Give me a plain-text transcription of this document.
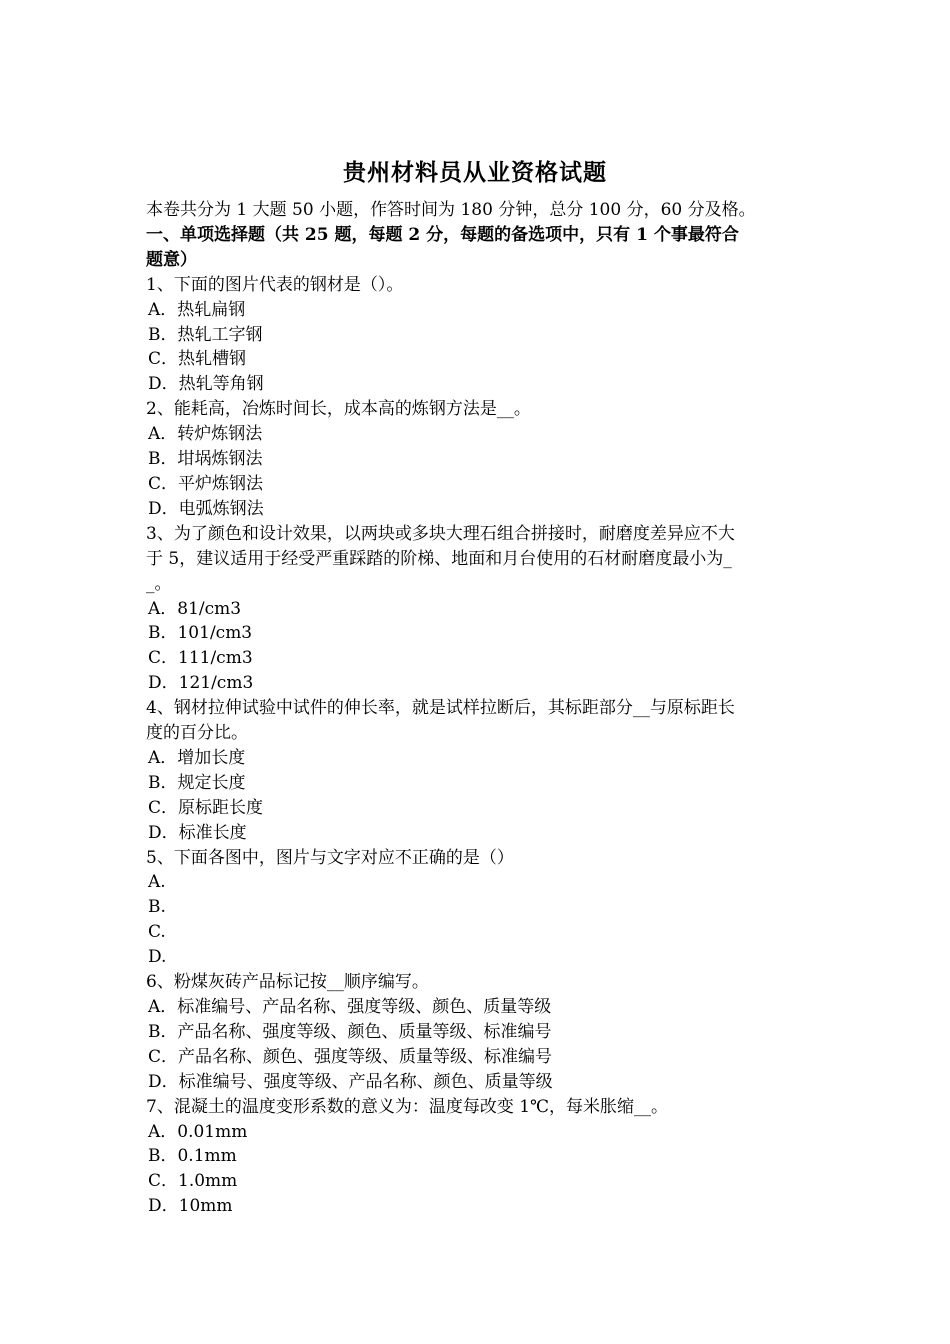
贵州材料员从业资格试题
本卷共分为 1 大题 50 小题，作答时间为 180 分钟，总分 100 分，60 分及格。
一、单项选择题（共 25 题，每题 2 分，每题的备选项中，只有 1 个事最符合
题意）
1、下面的图片代表的钢材是（）。
A．热轧扁钢
B．热轧工字钢
C．热轧槽钢
D．热轧等角钢
2、能耗高，冶炼时间长，成本高的炼钢方法是__。
A．转炉炼钢法
B．坩埚炼钢法
C．平炉炼钢法
D．电弧炼钢法
3、为了颜色和设计效果，以两块或多块大理石组合拼接时，耐磨度差异应不大
于 5，建议适用于经受严重踩踏的阶梯、地面和月台使用的石材耐磨度最小为_
_。
A．81/cm3
B．101/cm3
C．111/cm3
D．121/cm3
4、钢材拉伸试验中试件的伸长率，就是试样拉断后，其标距部分__与原标距长
度的百分比。
A．增加长度
B．规定长度
C．原标距长度
D．标准长度
5、下面各图中，图片与文字对应不正确的是（）
A.
B.
C.
D.
6、粉煤灰砖产品标记按__顺序编写。
A．标准编号、产品名称、强度等级、颜色、质量等级
B．产品名称、强度等级、颜色、质量等级、标准编号
C．产品名称、颜色、强度等级、质量等级、标准编号
D．标准编号、强度等级、产品名称、颜色、质量等级
7、混凝土的温度变形系数的意义为：温度每改变 1℃，每米胀缩__。
A．0.01mm
B．0.1mm
C．1.0mm
D．10mm
